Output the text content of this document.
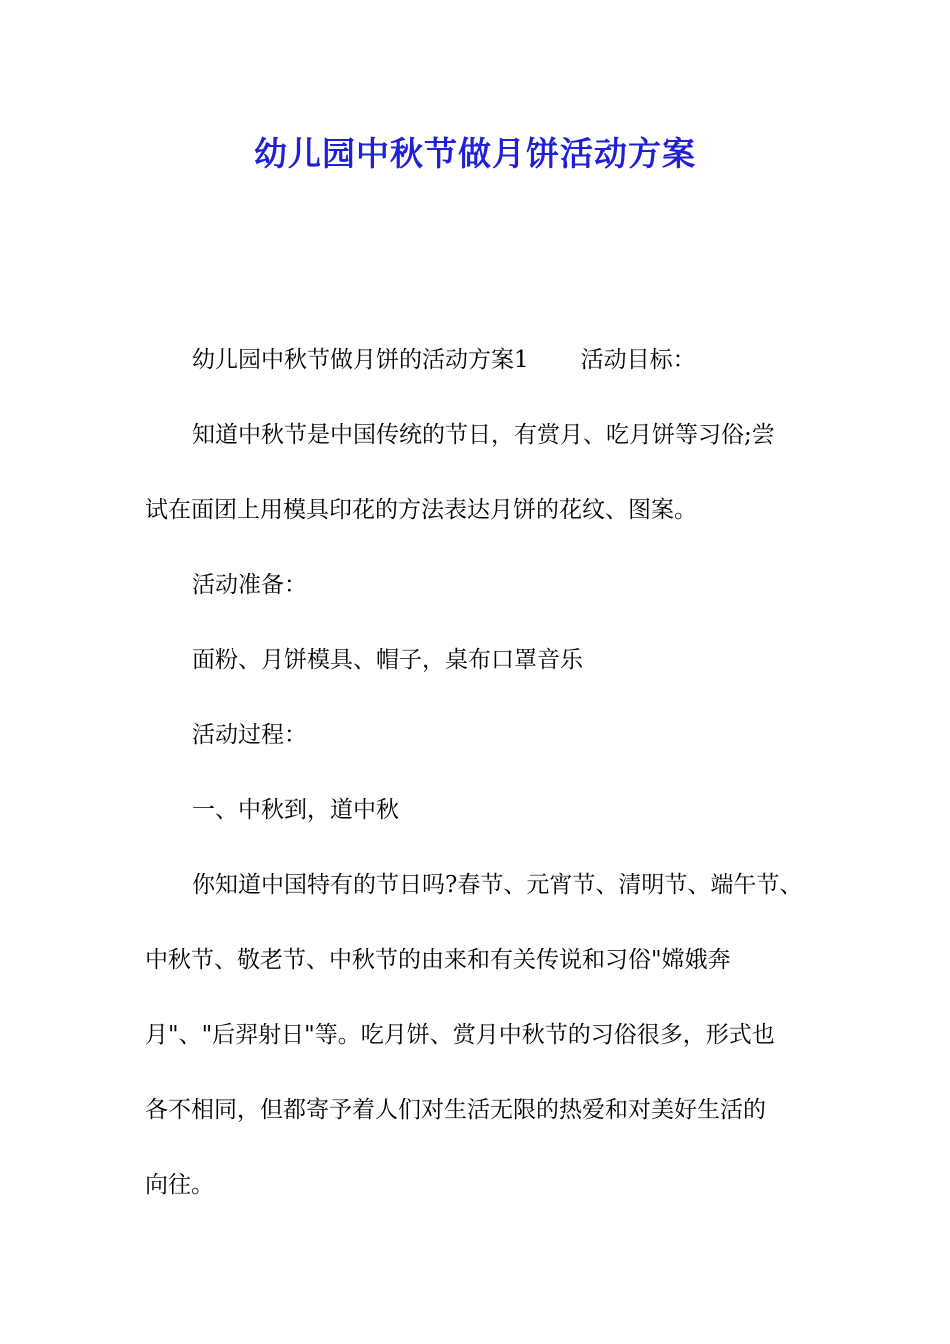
幼儿园中秋节做月饼活动方案
幼儿园中秋节做月饼的活动方案1 活动目标：
知道中秋节是中国传统的节日，有赏月、吃月饼等习俗;尝
试在面团上用模具印花的方法表达月饼的花纹、图案。
活动准备：
面粉、月饼模具、帽子，桌布口罩音乐
活动过程：
一、中秋到，道中秋
你知道中国特有的节日吗?春节、元宵节、清明节、端午节、
中秋节、敬老节、中秋节的由来和有关传说和习俗"嫦娥奔
月"、"后羿射日"等。吃月饼、赏月中秋节的习俗很多，形式也
各不相同，但都寄予着人们对生活无限的热爱和对美好生活的
向往。
